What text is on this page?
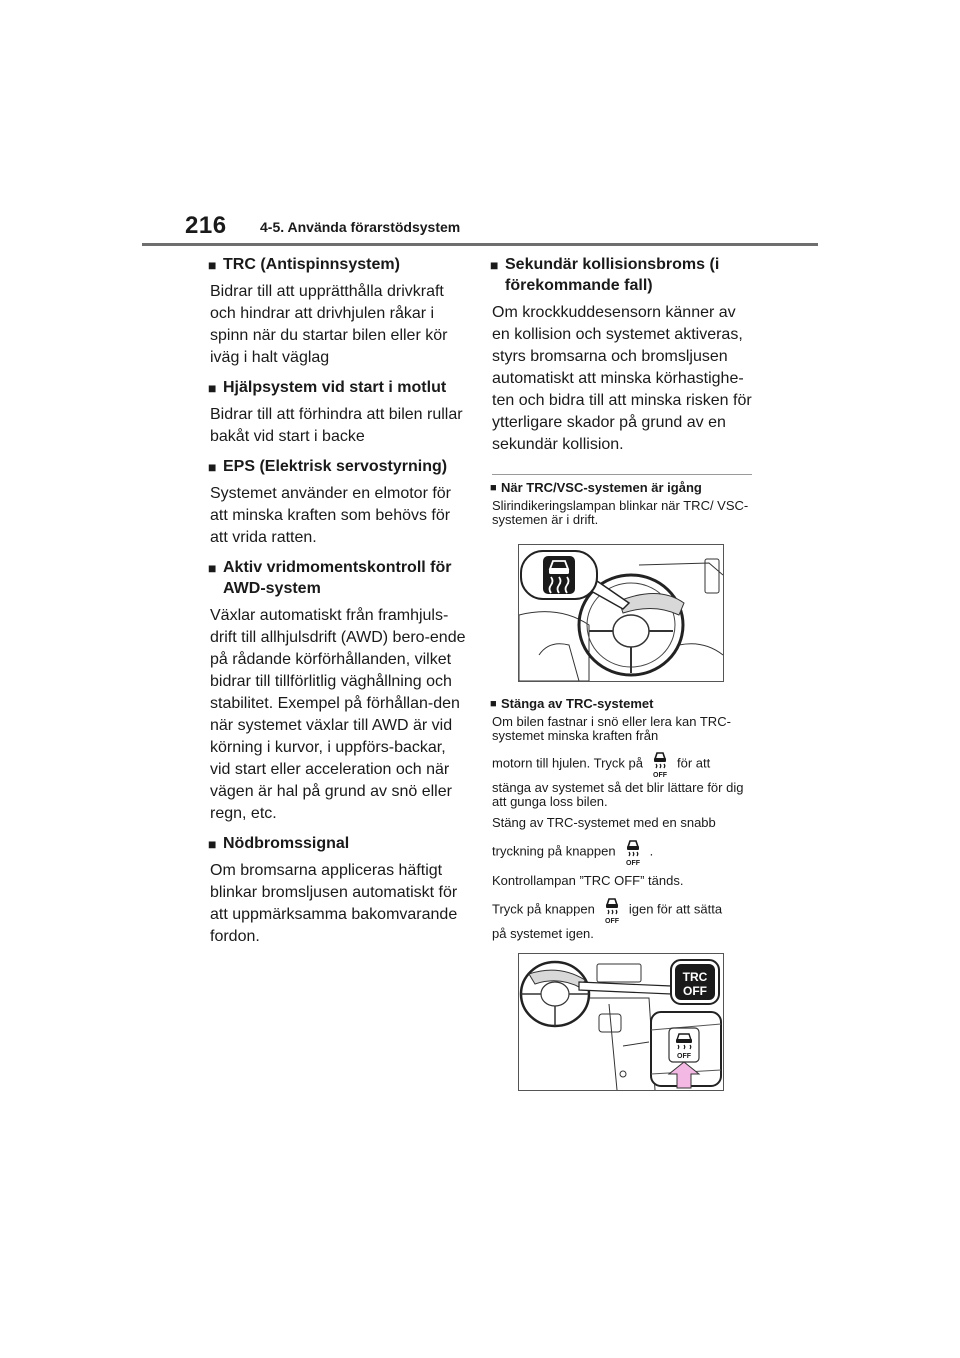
216 4-5. Använda förarstödsystem
■ TRC (Antispinnsystem)
Bidrar till att upprätthålla drivkraft och hindrar att drivhjulen råkar i spinn när du startar bilen eller kör iväg i halt väglag
■ Hjälpsystem vid start i motlut
Bidrar till att förhindra att bilen rullar bakåt vid start i backe
■ EPS (Elektrisk servostyrning)
Systemet använder en elmotor för att minska kraften som behövs för att vrida ratten.
■ Aktiv vridmomentskontroll för AWD-system
Växlar automatiskt från framhjuls-drift till allhjulsdrift (AWD) bero-ende på rådande körförhållanden, vilket bidrar till tillförlitlig väghållning och stabilitet. Exempel på förhållan-den när systemet växlar till AWD är vid körning i kurvor, i uppförs-backar, vid start eller acceleration och när vägen är hal på grund av snö eller regn, etc.
■ Nödbromssignal
Om bromsarna appliceras häftigt blinkar bromsljusen automatiskt för att uppmärksamma bakomvarande fordon.
■ Sekundär kollisionsbroms (i förekommande fall)
Om krockkuddesensorn känner av en kollision och systemet aktiveras, styrs bromsarna och bromsljusen automatiskt att minska körhastighe-ten och bidra till att minska risken för ytterligare skador på grund av en sekundär kollision.
■ När TRC/VSC-systemen är igång
Slirindikeringslampan blinkar när TRC/ VSC-systemen är i drift.
■ Stänga av TRC-systemet
Om bilen fastnar i snö eller lera kan TRC-systemet minska kraften från
motorn till hjulen. Tryck på
OFF
för att
stänga av systemet så det blir lättare för dig att gunga loss bilen.
Stäng av TRC-systemet med en snabb
tryckning på knappen
OFF
.
Kontrollampan ”TRC OFF” tänds.
Tryck på knappen
OFF
igen för att sätta
på systemet igen.
TRC
OFF
OFF
